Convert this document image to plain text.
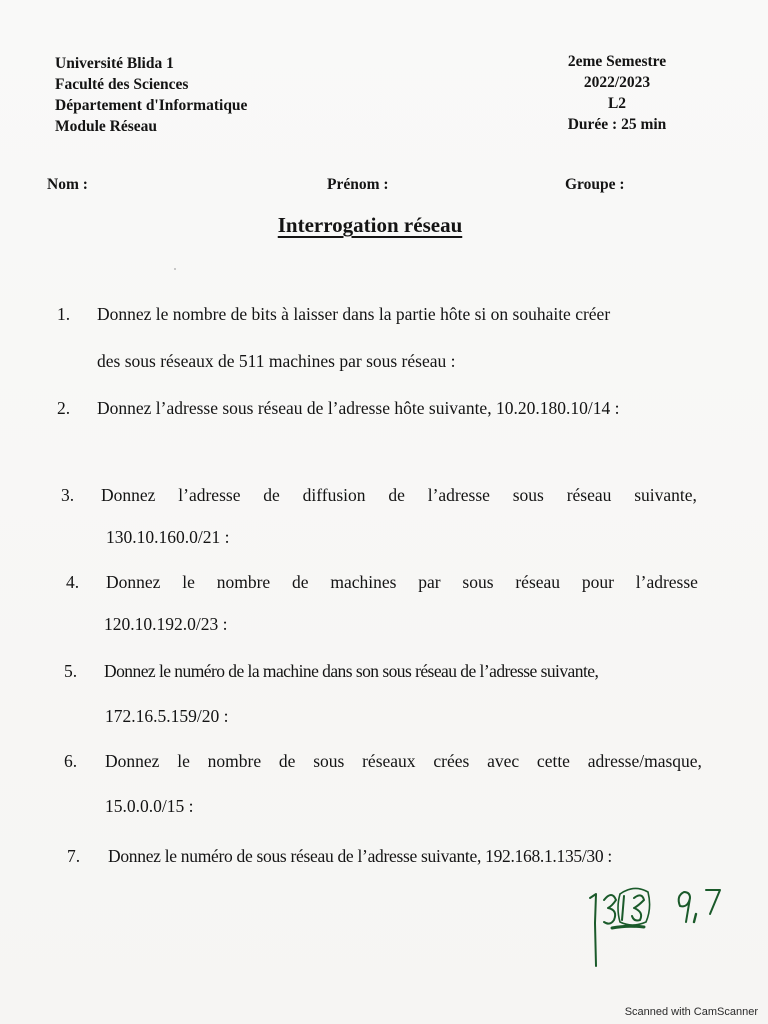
Université Blida 1
Faculté des Sciences
Département d'Informatique
Module Réseau
2eme Semestre
2022/2023
L2
Durée : 25 min
Nom :	Prénom :	Groupe :
Interrogation réseau
1. Donnez le nombre de bits à laisser dans la partie hôte si on souhaite créer
des sous réseaux de 511 machines par sous réseau :
2. Donnez l’adresse sous réseau de l’adresse hôte suivante, 10.20.180.10/14 :
3. Donnez l’adresse de diffusion de l’adresse sous réseau suivante,
130.10.160.0/21 :
4. Donnez le nombre de machines par sous réseau pour l’adresse
120.10.192.0/23 :
5. Donnez le numéro de la machine dans son sous réseau de l’adresse suivante,
172.16.5.159/20 :
6. Donnez le nombre de sous réseaux crées avec cette adresse/masque,
15.0.0.0/15 :
7. Donnez le numéro de sous réseau de l’adresse suivante, 192.168.1.135/30 :
Scanned with CamScanner
